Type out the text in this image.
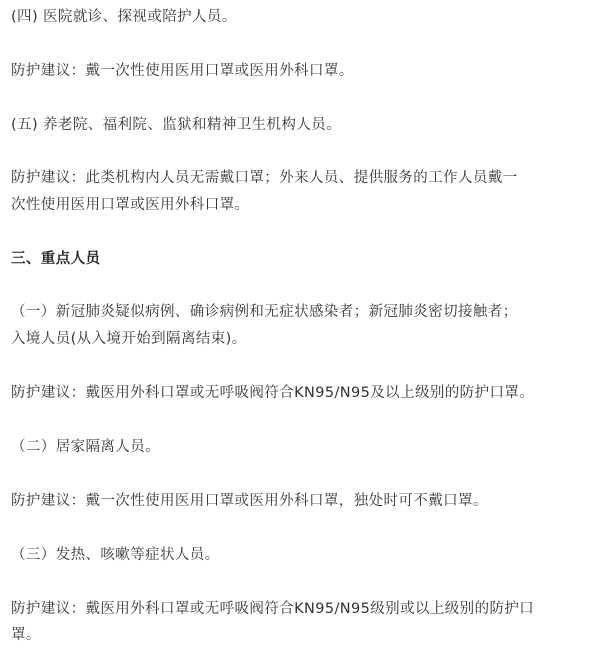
(四) 医院就诊、探视或陪护人员。
防护建议：戴一次性使用医用口罩或医用外科口罩。
(五) 养老院、福利院、监狱和精神卫生机构人员。
防护建议：此类机构内人员无需戴口罩；外来人员、提供服务的工作人员戴一
次性使用医用口罩或医用外科口罩。
三、重点人员
（一）新冠肺炎疑似病例、确诊病例和无症状感染者；新冠肺炎密切接触者；
入境人员(从入境开始到隔离结束)。
防护建议：戴医用外科口罩或无呼吸阀符合KN95/N95及以上级别的防护口罩。
（二）居家隔离人员。
防护建议：戴一次性使用医用口罩或医用外科口罩，独处时可不戴口罩。
（三）发热、咳嗽等症状人员。
防护建议：戴医用外科口罩或无呼吸阀符合KN95/N95级别或以上级别的防护口
罩。
